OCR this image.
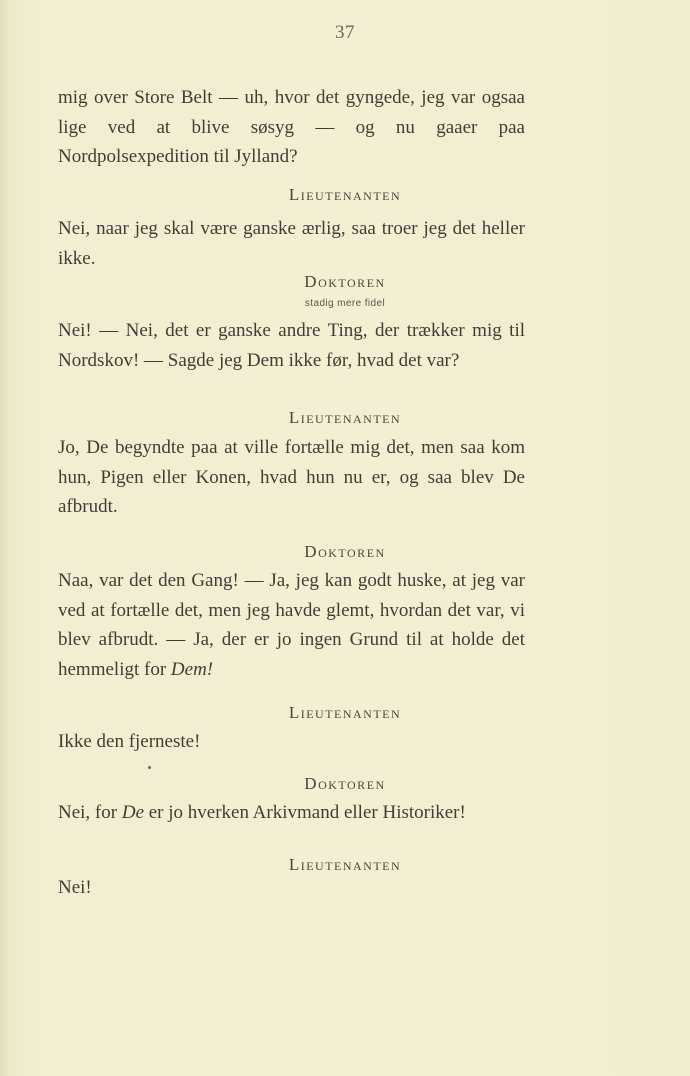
37
mig over Store Belt — uh, hvor det gyngede, jeg var ogsaa lige ved at blive søsyg — og nu gaaer paa Nordpolsexpedition til Jylland?
Lieutenanten
Nei, naar jeg skal være ganske ærlig, saa troer jeg det heller ikke.
Doktoren
stadig mere fidel
Nei! — Nei, det er ganske andre Ting, der trækker mig til Nordskov! — Sagde jeg Dem ikke før, hvad det var?
Lieutenanten
Jo, De begyndte paa at ville fortælle mig det, men saa kom hun, Pigen eller Konen, hvad hun nu er, og saa blev De afbrudt.
Doktoren
Naa, var det den Gang! — Ja, jeg kan godt huske, at jeg var ved at fortælle det, men jeg havde glemt, hvordan det var, vi blev afbrudt. — Ja, der er jo ingen Grund til at holde det hemmeligt for Dem!
Lieutenanten
Ikke den fjerneste!
Doktoren
Nei, for De er jo hverken Arkivmand eller Historiker!
Lieutenanten
Nei!
